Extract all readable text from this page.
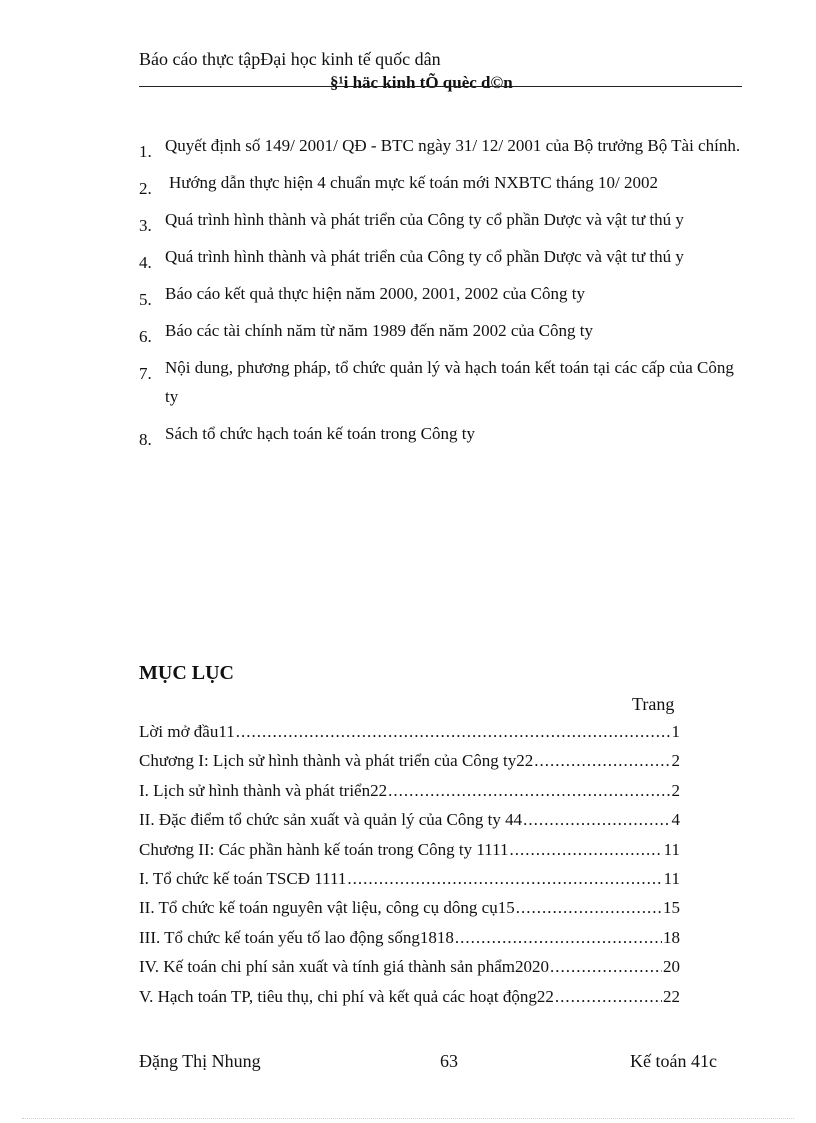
Báo cáo thực tậpĐại học kinh tế quốc dân
§¹i häc kinh tÕ quèc d©n
1. Quyết định số 149/ 2001/ QĐ - BTC ngày 31/ 12/ 2001 của Bộ trưởng Bộ Tài chính.
2. Hướng dẫn thực hiện 4 chuẩn mực kế toán mới NXBTC tháng 10/ 2002
3. Quá trình hình thành và phát triển của Công ty cổ phần Dược và vật tư thú y
4. Quá trình hình thành và phát triển của Công ty cổ phần Dược và vật tư thú y
5. Báo cáo kết quả thực hiện năm 2000, 2001, 2002 của Công ty
6. Báo các tài chính năm từ năm 1989 đến năm 2002 của Công ty
7. Nội dung, phương pháp, tổ chức quản lý và hạch toán kết toán tại các cấp của Công ty
8. Sách tổ chức hạch toán kế toán trong Công ty
MỤC LỤC
Trang
Lời mở đầu11 .....	1
Chương I: Lịch sử hình thành và phát triển của Công ty22 .....	2
I. Lịch sử hình thành và phát triển22 .....	2
II. Đặc điểm tổ chức sản xuất và quản lý của Công ty 44 .....	4
Chương II: Các phần hành kế toán trong Công ty 1111 .....	11
I. Tổ chức kế toán TSCĐ 1111 .....	11
II. Tổ chức kế toán nguyên vật liệu, công cụ dông cụ15 .....	15
III. Tổ chức kế toán yếu tố lao động sống1818 .....	18
IV. Kế toán chi phí sản xuất và tính giá thành sản phẩm2020 .....	20
V. Hạch toán TP, tiêu thụ, chi phí và kết quả các hoạt động22 .....	22
Đặng Thị Nhung	63	Kế toán 41c
